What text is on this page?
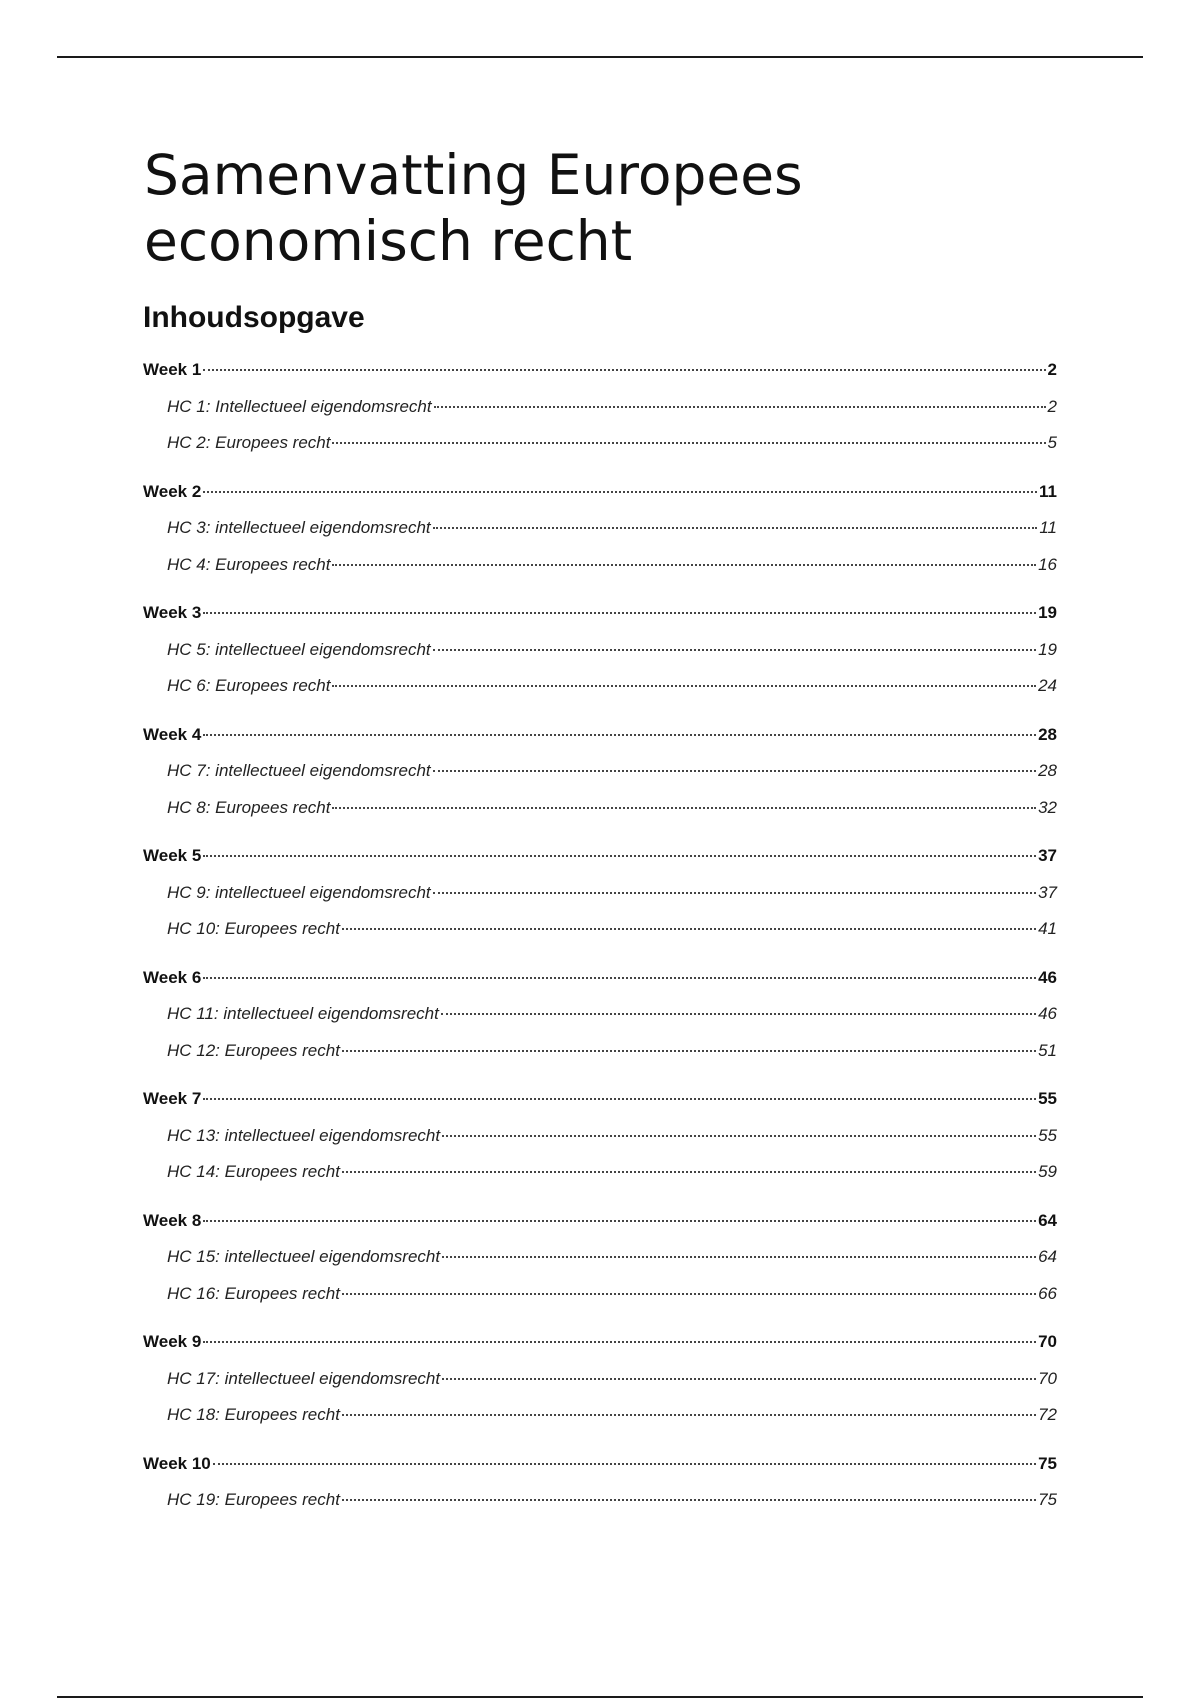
Samenvatting Europees economisch recht
Inhoudsopgave
Week 1	2
HC 1: Intellectueel eigendomsrecht	2
HC 2: Europees recht	5
Week 2	11
HC 3: intellectueel eigendomsrecht	11
HC 4: Europees recht	16
Week 3	19
HC 5: intellectueel eigendomsrecht	19
HC 6: Europees recht	24
Week 4	28
HC 7: intellectueel eigendomsrecht	28
HC 8: Europees recht	32
Week 5	37
HC 9: intellectueel eigendomsrecht	37
HC 10: Europees recht	41
Week 6	46
HC 11: intellectueel eigendomsrecht	46
HC 12: Europees recht	51
Week 7	55
HC 13: intellectueel eigendomsrecht	55
HC 14: Europees recht	59
Week 8	64
HC 15: intellectueel eigendomsrecht	64
HC 16: Europees recht	66
Week 9	70
HC 17: intellectueel eigendomsrecht	70
HC 18: Europees recht	72
Week 10	75
HC 19: Europees recht	75
